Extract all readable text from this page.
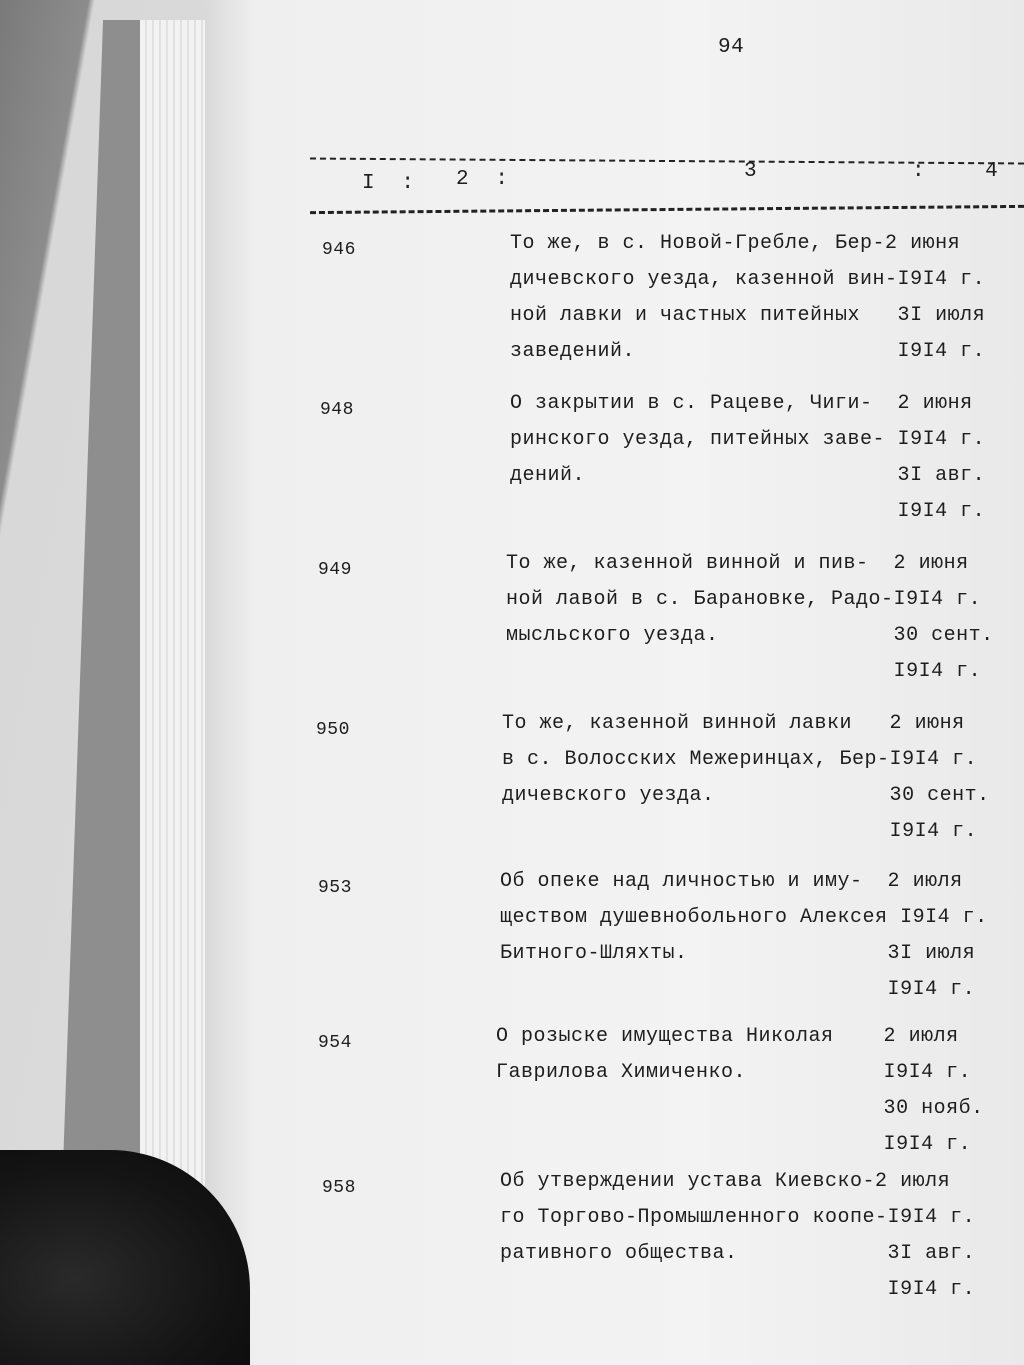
94
I : 2 :	3	:	4
946	То же, в с. Новой-Гребле, Бер-2 июня
дичевского уезда, казенной вин-I9I4 г.
ной лавки и частных питейных   3I июля
заведений.                     I9I4 г.
948	О закрытии в с. Рацеве, Чиги-  2 июня
ринского уезда, питейных заве- I9I4 г.
дений.                         3I авг.
I9I4 г.
949	То же, казенной винной и пив-  2 июня
ной лавой в с. Барановке, Радо-I9I4 г.
мысльского уезда.              30 сент.
I9I4 г.
950	То же, казенной винной лавки   2 июня
в с. Волосских Межеринцах, Бер-I9I4 г.
дичевского уезда.              30 сент.
I9I4 г.
953	Об опеке над личностью и иму-  2 июля
ществом душевнобольного Алексея I9I4 г.
Битного-Шляхты.                3I июля
I9I4 г.
954	О розыске имущества Николая    2 июля
Гаврилова Химиченко.           I9I4 г.
30 нояб.
I9I4 г.
958	Об утверждении устава Киевско-2 июля
го Торгово-Промышленного коопе-I9I4 г.
ративного общества.            3I авг.
I9I4 г.
